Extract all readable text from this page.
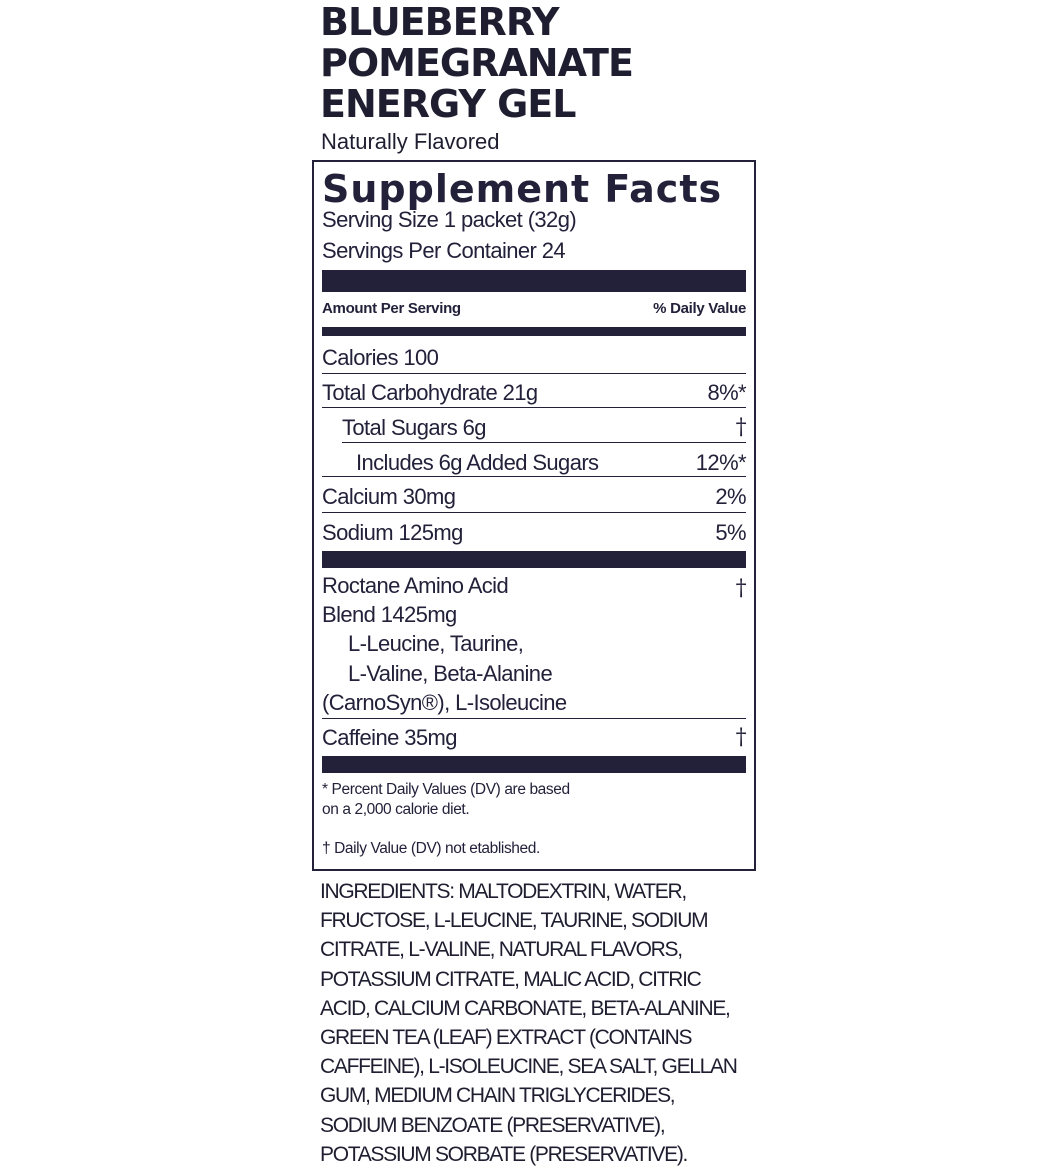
BLUEBERRY
POMEGRANATE
ENERGY GEL
Naturally Flavored
Supplement Facts
Serving Size 1 packet (32g)
Servings Per Container 24
Amount Per Serving	% Daily Value
Calories 100
Total Carbohydrate 21g	8%*
Total Sugars 6g	†
Includes 6g Added Sugars	12%*
Calcium 30mg	2%
Sodium 125mg	5%
Roctane Amino Acid	†
Blend 1425mg
L-Leucine, Taurine,
L-Valine, Beta-Alanine
(CarnoSyn®), L-Isoleucine
Caffeine 35mg	†
* Percent Daily Values (DV) are based
on a 2,000 calorie diet.
† Daily Value (DV) not etablished.
INGREDIENTS: MALTODEXTRIN, WATER,
FRUCTOSE, L-LEUCINE, TAURINE, SODIUM
CITRATE, L-VALINE, NATURAL FLAVORS,
POTASSIUM CITRATE, MALIC ACID, CITRIC
ACID, CALCIUM CARBONATE, BETA-ALANINE,
GREEN TEA (LEAF) EXTRACT (CONTAINS
CAFFEINE), L-ISOLEUCINE, SEA SALT, GELLAN
GUM, MEDIUM CHAIN TRIGLYCERIDES,
SODIUM BENZOATE (PRESERVATIVE),
POTASSIUM SORBATE (PRESERVATIVE).
